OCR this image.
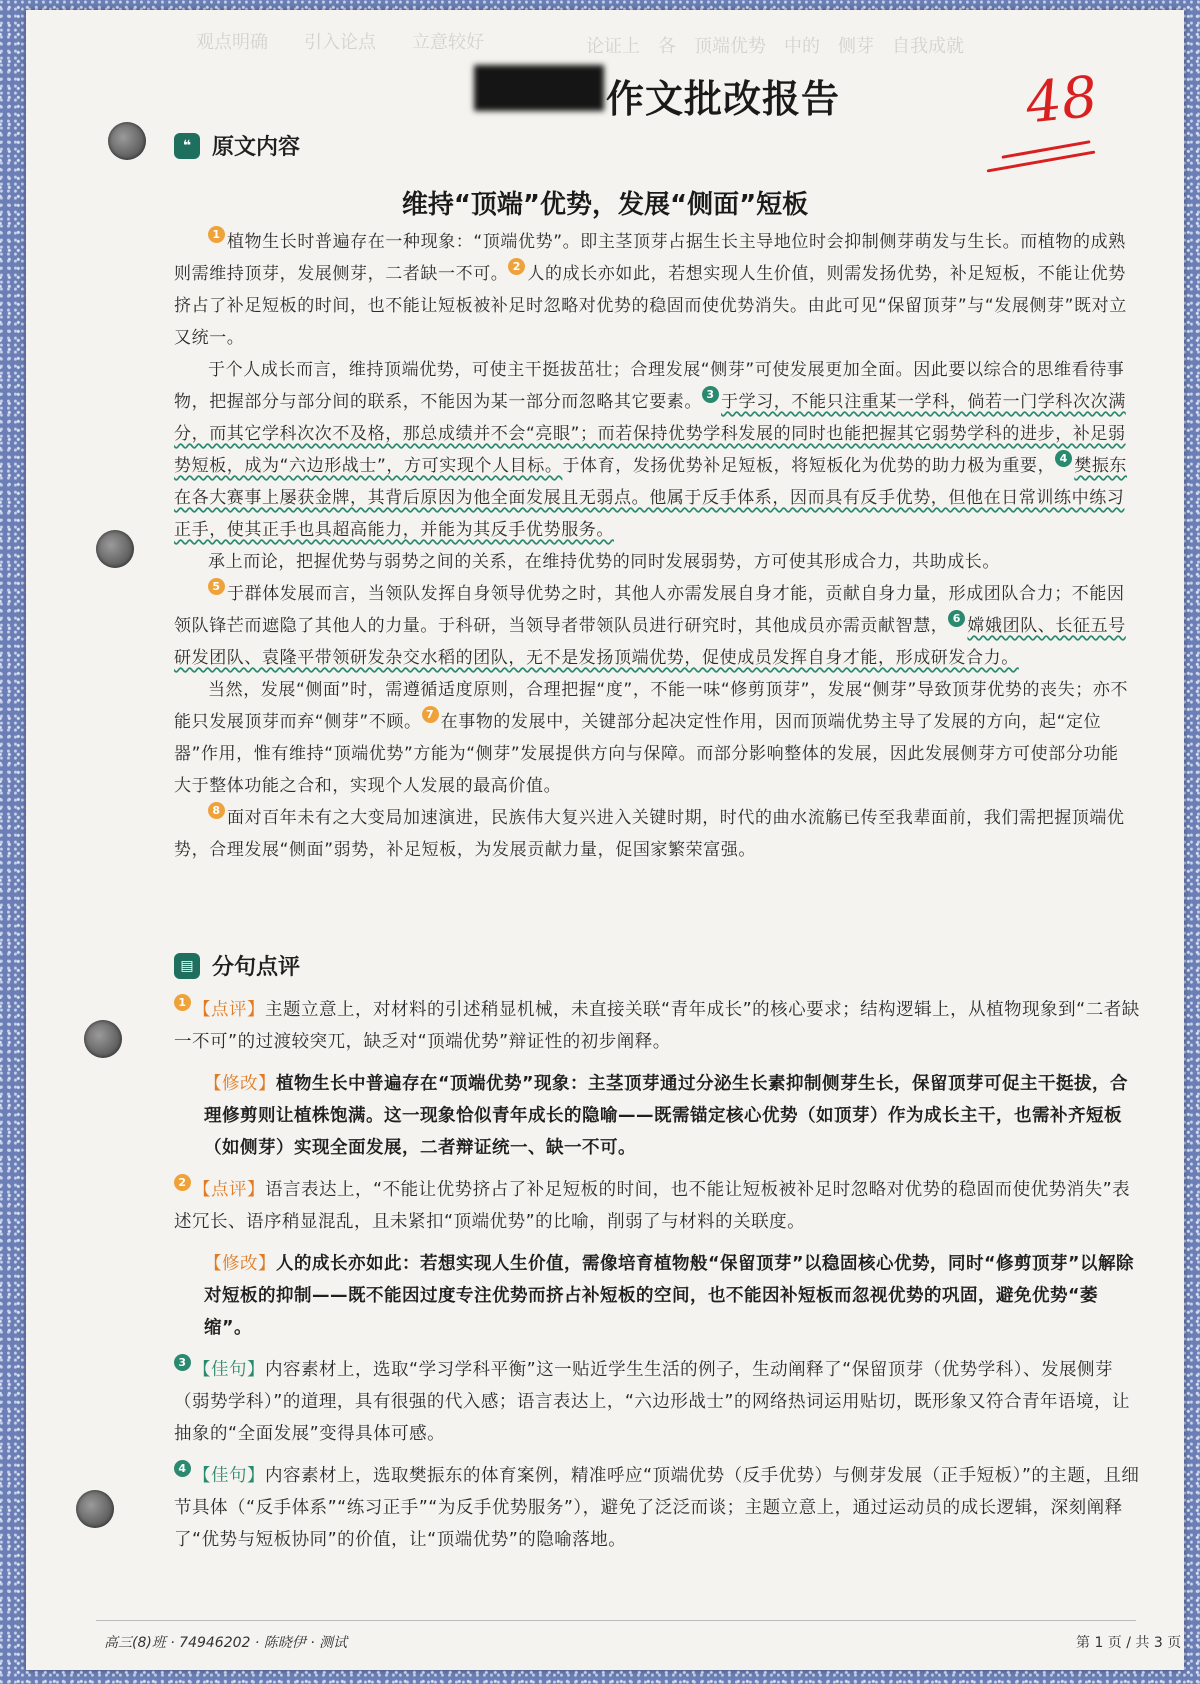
观点明确　　引入论点　　立意较好	论证上　各　顶端优势　中的　侧芽　自我成就
作文批改报告	48
❝ 原文内容
维持“顶端”优势，发展“侧面”短板

1 植物生长时普遍存在一种现象：“顶端优势”。即主茎顶芽占据生长主导地位时会抑制侧芽萌发与生长。而植物的成熟则需维持顶芽，发展侧芽，二者缺一不可。 2 人的成长亦如此，若想实现人生价值，则需发扬优势，补足短板，不能让优势挤占了补足短板的时间，也不能让短板被补足时忽略对优势的稳固而使优势消失。由此可见“保留顶芽”与“发展侧芽”既对立又统一。

于个人成长而言，维持顶端优势，可使主干挺拔茁壮；合理发展“侧芽”可使发展更加全面。因此要以综合的思维看待事物，把握部分与部分间的联系，不能因为某一部分而忽略其它要素。 3 于学习，不能只注重某一学科，倘若一门学科次次满分，而其它学科次次不及格，那总成绩并不会“亮眼”；而若保持优势学科发展的同时也能把握其它弱势学科的进步，补足弱势短板，成为“六边形战士”，方可实现个人目标。于体育，发扬优势补足短板，将短板化为优势的助力极为重要， 4 樊振东在各大赛事上屡获金牌，其背后原因为他全面发展且无弱点。他属于反手体系，因而具有反手优势，但他在日常训练中练习正手，使其正手也具超高能力，并能为其反手优势服务。

承上而论，把握优势与弱势之间的关系，在维持优势的同时发展弱势，方可使其形成合力，共助成长。

5 于群体发展而言，当领队发挥自身领导优势之时，其他人亦需发展自身才能，贡献自身力量，形成团队合力；不能因领队锋芒而遮隐了其他人的力量。于科研，当领导者带领队员进行研究时，其他成员亦需贡献智慧， 6 嫦娥团队、长征五号研发团队、袁隆平带领研发杂交水稻的团队，无不是发扬顶端优势，促使成员发挥自身才能，形成研发合力。

当然，发展“侧面”时，需遵循适度原则，合理把握“度”，不能一味“修剪顶芽”，发展“侧芽”导致顶芽优势的丧失；亦不能只发展顶芽而弃“侧芽”不顾。 7 在事物的发展中，关键部分起决定性作用，因而顶端优势主导了发展的方向，起“定位器”作用，惟有维持“顶端优势”方能为“侧芽”发展提供方向与保障。而部分影响整体的发展，因此发展侧芽方可使部分功能大于整体功能之合和，实现个人发展的最高价值。

8 面对百年未有之大变局加速演进，民族伟大复兴进入关键时期，时代的曲水流觞已传至我辈面前，我们需把握顶端优势，合理发展“侧面”弱势，补足短板，为发展贡献力量，促国家繁荣富强。

▤ 分句点评
1 【点评】主题立意上，对材料的引述稍显机械，未直接关联“青年成长”的核心要求；结构逻辑上，从植物现象到“二者缺一不可”的过渡较突兀，缺乏对“顶端优势”辩证性的初步阐释。
【修改】植物生长中普遍存在“顶端优势”现象：主茎顶芽通过分泌生长素抑制侧芽生长，保留顶芽可促主干挺拔，合理修剪则让植株饱满。这一现象恰似青年成长的隐喻——既需锚定核心优势（如顶芽）作为成长主干，也需补齐短板（如侧芽）实现全面发展，二者辩证统一、缺一不可。
2 【点评】语言表达上，“不能让优势挤占了补足短板的时间，也不能让短板被补足时忽略对优势的稳固而使优势消失”表述冗长、语序稍显混乱，且未紧扣“顶端优势”的比喻，削弱了与材料的关联度。
【修改】人的成长亦如此：若想实现人生价值，需像培育植物般“保留顶芽”以稳固核心优势，同时“修剪顶芽”以解除对短板的抑制——既不能因过度专注优势而挤占补短板的空间，也不能因补短板而忽视优势的巩固，避免优势“萎缩”。
3 【佳句】内容素材上，选取“学习学科平衡”这一贴近学生生活的例子，生动阐释了“保留顶芽（优势学科）、发展侧芽（弱势学科）”的道理，具有很强的代入感；语言表达上，“六边形战士”的网络热词运用贴切，既形象又符合青年语境，让抽象的“全面发展”变得具体可感。
4 【佳句】内容素材上，选取樊振东的体育案例，精准呼应“顶端优势（反手优势）与侧芽发展（正手短板）”的主题，且细节具体（“反手体系”“练习正手”“为反手优势服务”），避免了泛泛而谈；主题立意上，通过运动员的成长逻辑，深刻阐释了“优势与短板协同”的价值，让“顶端优势”的隐喻落地。
高三(8)班 · 74946202 · 陈晓伊 · 测试	第 1 页 / 共 3 页
